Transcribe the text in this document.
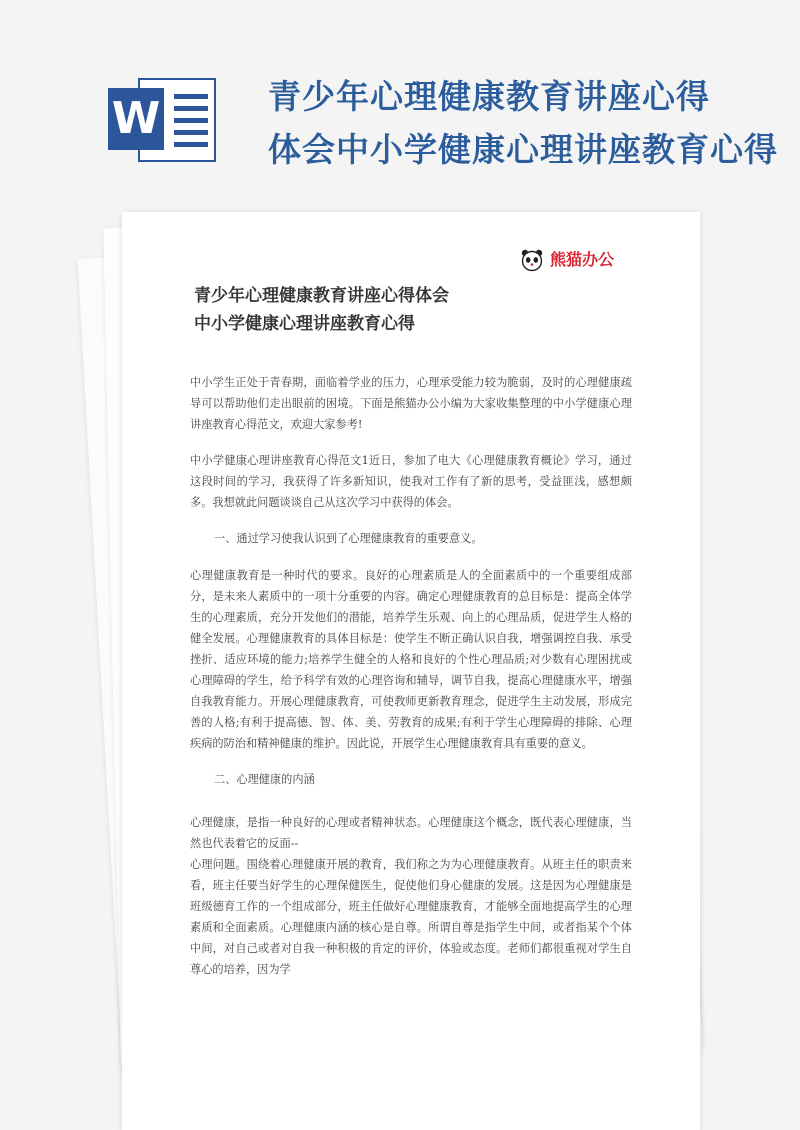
W	青少年心理健康教育讲座心得
体会中小学健康心理讲座教育心得
熊猫办公
青少年心理健康教育讲座心得体会
中小学健康心理讲座教育心得

中小学生正处于青春期，面临着学业的压力，心理承受能力较为脆弱，及时的心理健康疏导可以帮助他们走出眼前的困境。下面是熊猫办公小编为大家收集整理的中小学健康心理讲座教育心得范文，欢迎大家参考!

中小学健康心理讲座教育心得范文1近日，参加了电大《心理健康教育概论》学习，通过这段时间的学习，我获得了许多新知识，使我对工作有了新的思考，受益匪浅，感想颇多。我想就此问题谈谈自己从这次学习中获得的体会。

一、通过学习使我认识到了心理健康教育的重要意义。

心理健康教育是一种时代的要求。良好的心理素质是人的全面素质中的一个重要组成部分，是未来人素质中的一项十分重要的内容。确定心理健康教育的总目标是：提高全体学生的心理素质，充分开发他们的潜能，培养学生乐观、向上的心理品质，促进学生人格的健全发展。心理健康教育的具体目标是：使学生不断正确认识自我，增强调控自我、承受挫折、适应环境的能力;培养学生健全的人格和良好的个性心理品质;对少数有心理困扰或心理障碍的学生，给予科学有效的心理咨询和辅导，调节自我，提高心理健康水平，增强自我教育能力。开展心理健康教育，可使教师更新教育理念，促进学生主动发展，形成完善的人格;有利于提高德、智、体、美、劳教育的成果;有利于学生心理障碍的排除、心理疾病的防治和精神健康的维护。因此说，开展学生心理健康教育具有重要的意义。

二、心理健康的内涵

心理健康，是指一种良好的心理或者精神状态。心理健康这个概念，既代表心理健康，当然也代表着它的反面--

心理问题。围绕着心理健康开展的教育，我们称之为为心理健康教育。从班主任的职责来看，班主任要当好学生的心理保健医生，促使他们身心健康的发展。这是因为心理健康是班级德育工作的一个组成部分，班主任做好心理健康教育，才能够全面地提高学生的心理素质和全面素质。心理健康内涵的核心是自尊。所谓自尊是指学生中间，或者指某个个体中间，对自己或者对自我一种积极的肯定的评价，体验或态度。老师们都很重视对学生自尊心的培养，因为学
